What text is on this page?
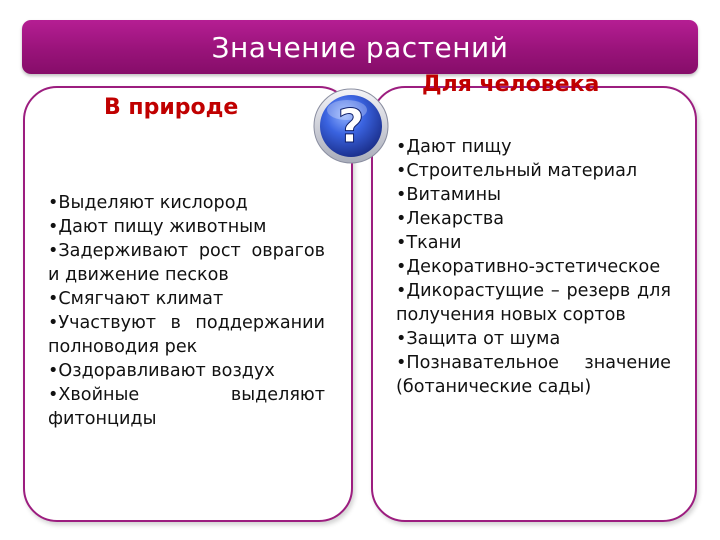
Значение растений
В природе
Для человека
•Выделяют кислород
•Дают пищу животным
•Задерживают рост оврагов и движение песков
•Смягчают климат
•Участвуют в поддержании полноводия рек
•Оздоравливают воздух
•Хвойные выделяют фитонциды
•Дают пищу
•Строительный материал
•Витамины
•Лекарства
•Ткани
•Декоративно-эстетическое
•Дикорастущие – резерв для получения новых сортов
•Защита от шума
•Познавательное значение (ботанические сады)
?
